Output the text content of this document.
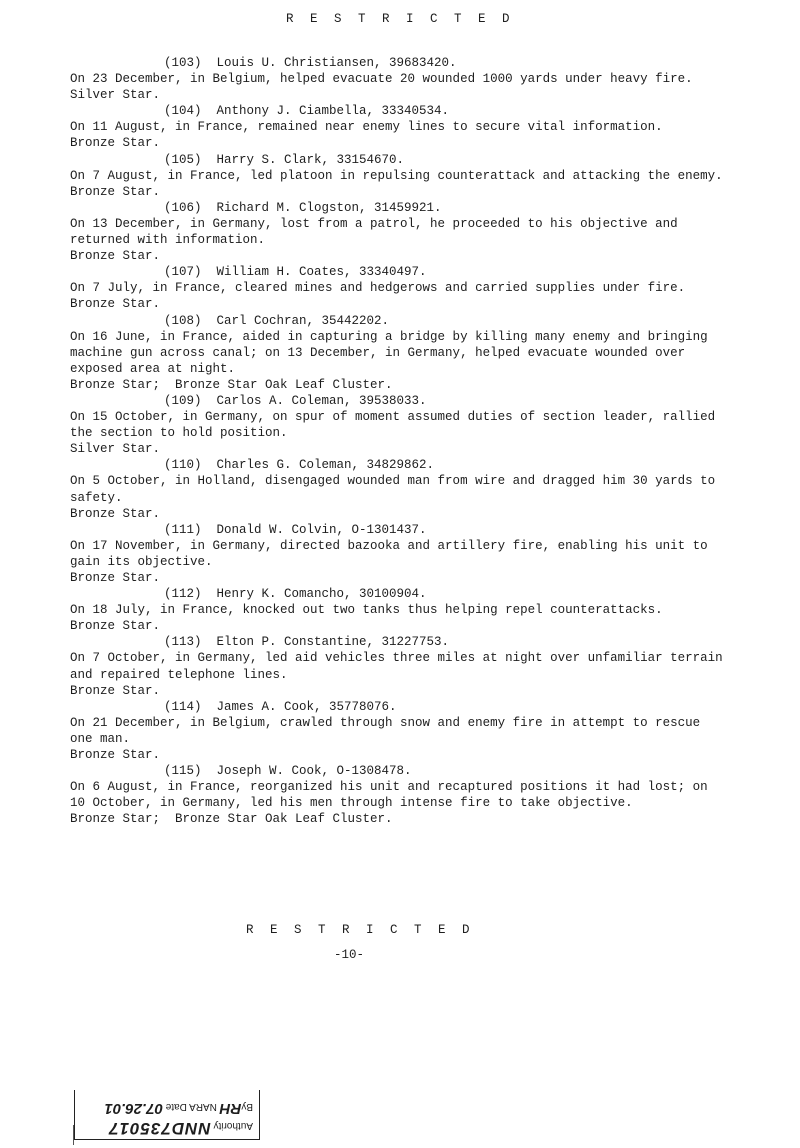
R E S T R I C T E D
(103)  Louis U. Christiansen, 39683420.
On 23 December, in Belgium, helped evacuate 20 wounded 1000 yards under heavy fire.
Silver Star.
(104)  Anthony J. Ciambella, 33340534.
On 11 August, in France, remained near enemy lines to secure vital information.
Bronze Star.
(105)  Harry S. Clark, 33154670.
On 7 August, in France, led platoon in repulsing counterattack and attacking the enemy.
Bronze Star.
(106)  Richard M. Clogston, 31459921.
On 13 December, in Germany, lost from a patrol, he proceeded to his objective and returned with information.
Bronze Star.
(107)  William H. Coates, 33340497.
On 7 July, in France, cleared mines and hedgerows and carried supplies under fire.
Bronze Star.
(108)  Carl Cochran, 35442202.
On 16 June, in France, aided in capturing a bridge by killing many enemy and bringing machine gun across canal; on 13 December, in Germany, helped evacuate wounded over exposed area at night.
Bronze Star;  Bronze Star Oak Leaf Cluster.
(109)  Carlos A. Coleman, 39538033.
On 15 October, in Germany, on spur of moment assumed duties of section leader, rallied the section to hold position.
Silver Star.
(110)  Charles G. Coleman, 34829862.
On 5 October, in Holland, disengaged wounded man from wire and dragged him 30 yards to safety.
Bronze Star.
(111)  Donald W. Colvin, O-1301437.
On 17 November, in Germany, directed bazooka and artillery fire, enabling his unit to gain its objective.
Bronze Star.
(112)  Henry K. Comancho, 30100904.
On 18 July, in France, knocked out two tanks thus helping repel counterattacks.
Bronze Star.
(113)  Elton P. Constantine, 31227753.
On 7 October, in Germany, led aid vehicles three miles at night over unfamiliar terrain and repaired telephone lines.
Bronze Star.
(114)  James A. Cook, 35778076.
On 21 December, in Belgium, crawled through snow and enemy fire in attempt to rescue one man.
Bronze Star.
(115)  Joseph W. Cook, O-1308478.
On 6 August, in France, reorganized his unit and recaptured positions it had lost; on 10 October, in Germany, led his men through intense fire to take objective.
Bronze Star;  Bronze Star Oak Leaf Cluster.
R E S T R I C T E D
-10-
Authority NND735017
ByRH NARA Date 07.26.01
